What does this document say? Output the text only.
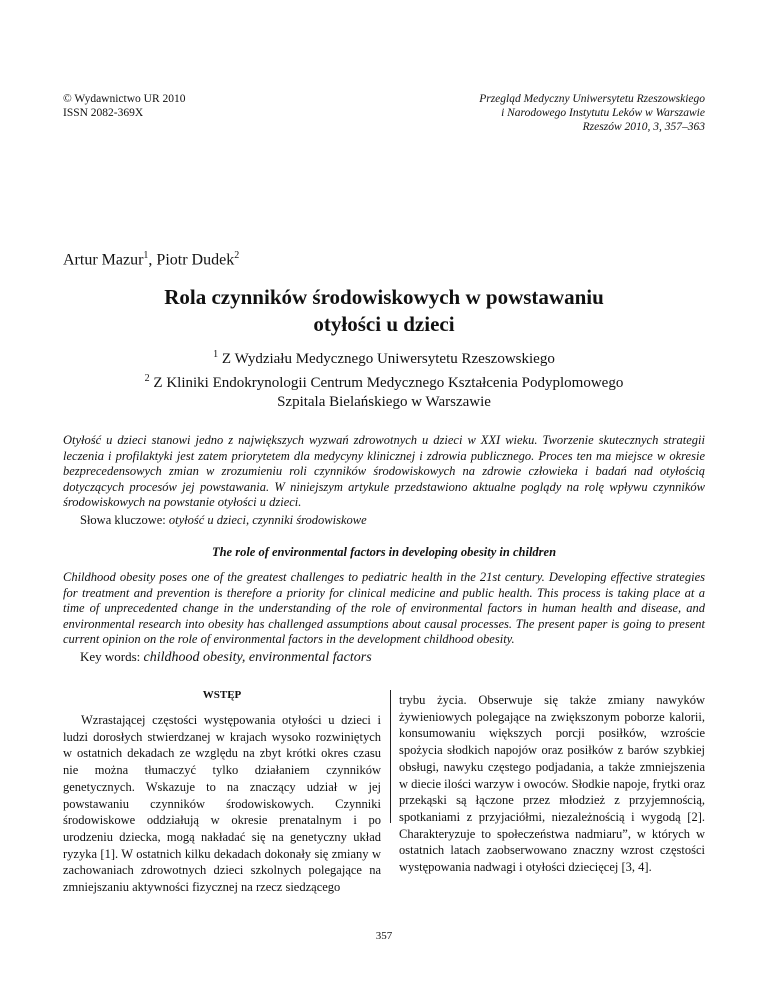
© Wydawnictwo UR 2010
ISSN 2082-369X
Przegląd Medyczny Uniwersytetu Rzeszowskiego
i Narodowego Instytutu Leków w Warszawie
Rzeszów 2010, 3, 357–363
Artur Mazur$^1$, Piotr Dudek$^2$
Rola czynników środowiskowych w powstawaniu
otyłości u dzieci
$^1$ Z Wydziału Medycznego Uniwersytetu Rzeszowskiego
$^2$ Z Kliniki Endokrynologii Centrum Medycznego Kształcenia Podyplomowego
Szpitala Bielańskiego w Warszawie
Otyłość u dzieci stanowi jedno z największych wyzwań zdrowotnych u dzieci w XXI wieku. Tworzenie skutecznych strategii leczenia i profilaktyki jest zatem priorytetem dla medycyny klinicznej i zdrowia publicznego. Proces ten ma miejsce w okresie bezprecedensowych zmian w zrozumieniu roli czynników środowiskowych na zdrowie człowieka i badań nad otyłością dotyczących procesów jej powstawania. W niniejszym artykule przedstawiono aktualne poglądy na rolę wpływu czynników środowiskowych na powstanie otyłości u dzieci.
Słowa kluczowe: otyłość u dzieci, czynniki środowiskowe
The role of environmental factors in developing obesity in children
Childhood obesity poses one of the greatest challenges to pediatric health in the 21st century. Developing effective strategies for treatment and prevention is therefore a priority for clinical medicine and public health. This process is taking place at a time of unprecedented change in the understanding of the role of environmental factors in human health and disease, and environmental research into obesity has challenged assumptions about causal processes. The present paper is going to present current opinion on the role of environmental factors in the development childhood obesity.
Key words: childhood obesity, environmental factors
WSTĘP
Wzrastającej częstości występowania otyłości u dzieci i ludzi dorosłych stwierdzanej w krajach wysoko rozwiniętych w ostatnich dekadach ze względu na zbyt krótki okres czasu nie można tłumaczyć tylko działaniem czynników genetycznych. Wskazuje to na znaczący udział w jej powstawaniu czynników środowiskowych. Czynniki środowiskowe oddziałują w okresie prenatalnym i po urodzeniu dziecka, mogą nakładać się na genetyczny układ ryzyka [1]. W ostatnich kilku dekadach dokonały się zmiany w zachowaniach zdrowotnych dzieci szkolnych polegające na zmniejszaniu aktywności fizycznej na rzecz siedzącego
trybu życia. Obserwuje się także zmiany nawyków żywieniowych polegające na zwiększonym poborze kalorii, konsumowaniu większych porcji posiłków, wzroście spożycia słodkich napojów oraz posiłków z barów szybkiej obsługi, nawyku częstego podjadania, a także zmniejszenia w diecie ilości warzyw i owoców. Słodkie napoje, frytki oraz przekąski są łączone przez młodzież z przyjemnością, spotkaniami z przyjaciółmi, niezależnością i wygodą [2]. Charakteryzuje to społeczeństwa nadmiaru”, w których w ostatnich latach zaobserwowano znaczny wzrost częstości występowania nadwagi i otyłości dziecięcej [3, 4].
357
